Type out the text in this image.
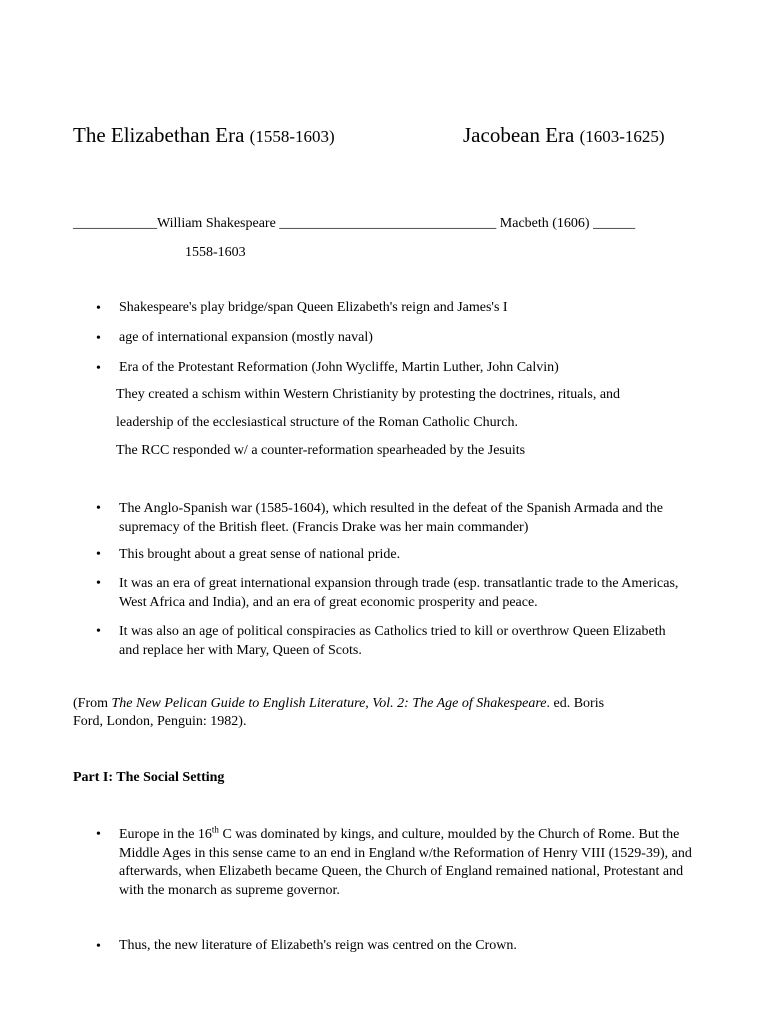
The Elizabethan Era (1558-1603)	Jacobean Era (1603-1625)
____________William Shakespeare _______________________________ Macbeth (1606) ______
1558-1603
• Shakespeare's play bridge/span Queen Elizabeth's reign and James's I
• age of international expansion (mostly naval)
• Era of the Protestant Reformation (John Wycliffe, Martin Luther, John Calvin)
They created a schism within Western Christianity by protesting the doctrines, rituals, and
leadership of the ecclesiastical structure of the Roman Catholic Church.
The RCC responded w/ a counter-reformation spearheaded by the Jesuits
• The Anglo-Spanish war (1585-1604), which resulted in the defeat of the Spanish Armada and the supremacy of the British fleet. (Francis Drake was her main commander)
• This brought about a great sense of national pride.
• It was an era of great international expansion through trade (esp. transatlantic trade to the Americas, West Africa and India), and an era of great economic prosperity and peace.
• It was also an age of political conspiracies as Catholics tried to kill or overthrow Queen Elizabeth and replace her with Mary, Queen of Scots.
(From The New Pelican Guide to English Literature, Vol. 2: The Age of Shakespeare. ed. Boris
Ford, London, Penguin: 1982).
Part I: The Social Setting
• Europe in the 16th C was dominated by kings, and culture, moulded by the Church of Rome. But the Middle Ages in this sense came to an end in England w/the Reformation of Henry VIII (1529-39), and afterwards, when Elizabeth became Queen, the Church of England remained national, Protestant and with the monarch as supreme governor.
• Thus, the new literature of Elizabeth's reign was centred on the Crown.
